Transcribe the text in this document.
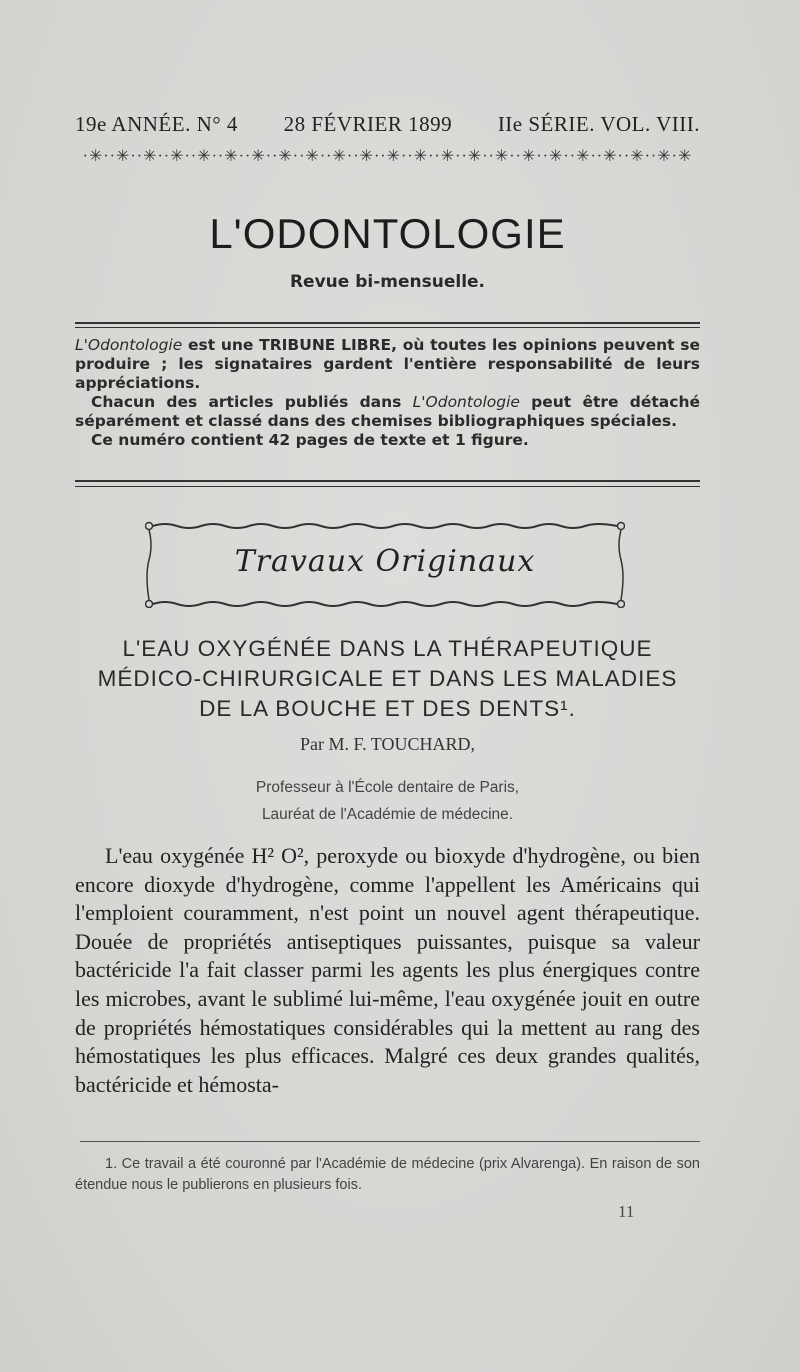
19e ANNÉE. N° 4 28 FÉVRIER 1899 IIe SÉRIE. VOL. VIII.
·✳··✳··✳··✳··✳··✳··✳··✳··✳··✳··✳··✳··✳··✳··✳··✳··✳··✳··✳··✳··✳··✳·✳
L'ODONTOLOGIE
Revue bi-mensuelle.

L'Odontologie est une TRIBUNE LIBRE, où toutes les opinions peuvent se produire ; les signataires gardent l'entière responsabilité de leurs appréciations.

Chacun des articles publiés dans L'Odontologie peut être détaché séparément et classé dans des chemises bibliographiques spéciales.

Ce numéro contient 42 pages de texte et 1 figure.

Travaux Originaux
L'EAU OXYGÉNÉE DANS LA THÉRAPEUTIQUE
MÉDICO-CHIRURGICALE ET DANS LES MALADIES
DE LA BOUCHE ET DES DENTS¹.
Par M. F. TOUCHARD,
Professeur à l'École dentaire de Paris,
Lauréat de l'Académie de médecine.

L'eau oxygénée H² O², peroxyde ou bioxyde d'hydrogène, ou bien encore dioxyde d'hydrogène, comme l'appellent les Américains qui l'emploient couramment, n'est point un nouvel agent thérapeutique. Douée de propriétés antiseptiques puissantes, puisque sa valeur bactéricide l'a fait classer parmi les agents les plus énergiques contre les microbes, avant le sublimé lui-même, l'eau oxygénée jouit en outre de propriétés hémostatiques considérables qui la mettent au rang des hémostatiques les plus efficaces. Malgré ces deux grandes qualités, bactéricide et hémosta-

1. Ce travail a été couronné par l'Académie de médecine (prix Alvarenga). En raison de son étendue nous le publierons en plusieurs fois.

11
